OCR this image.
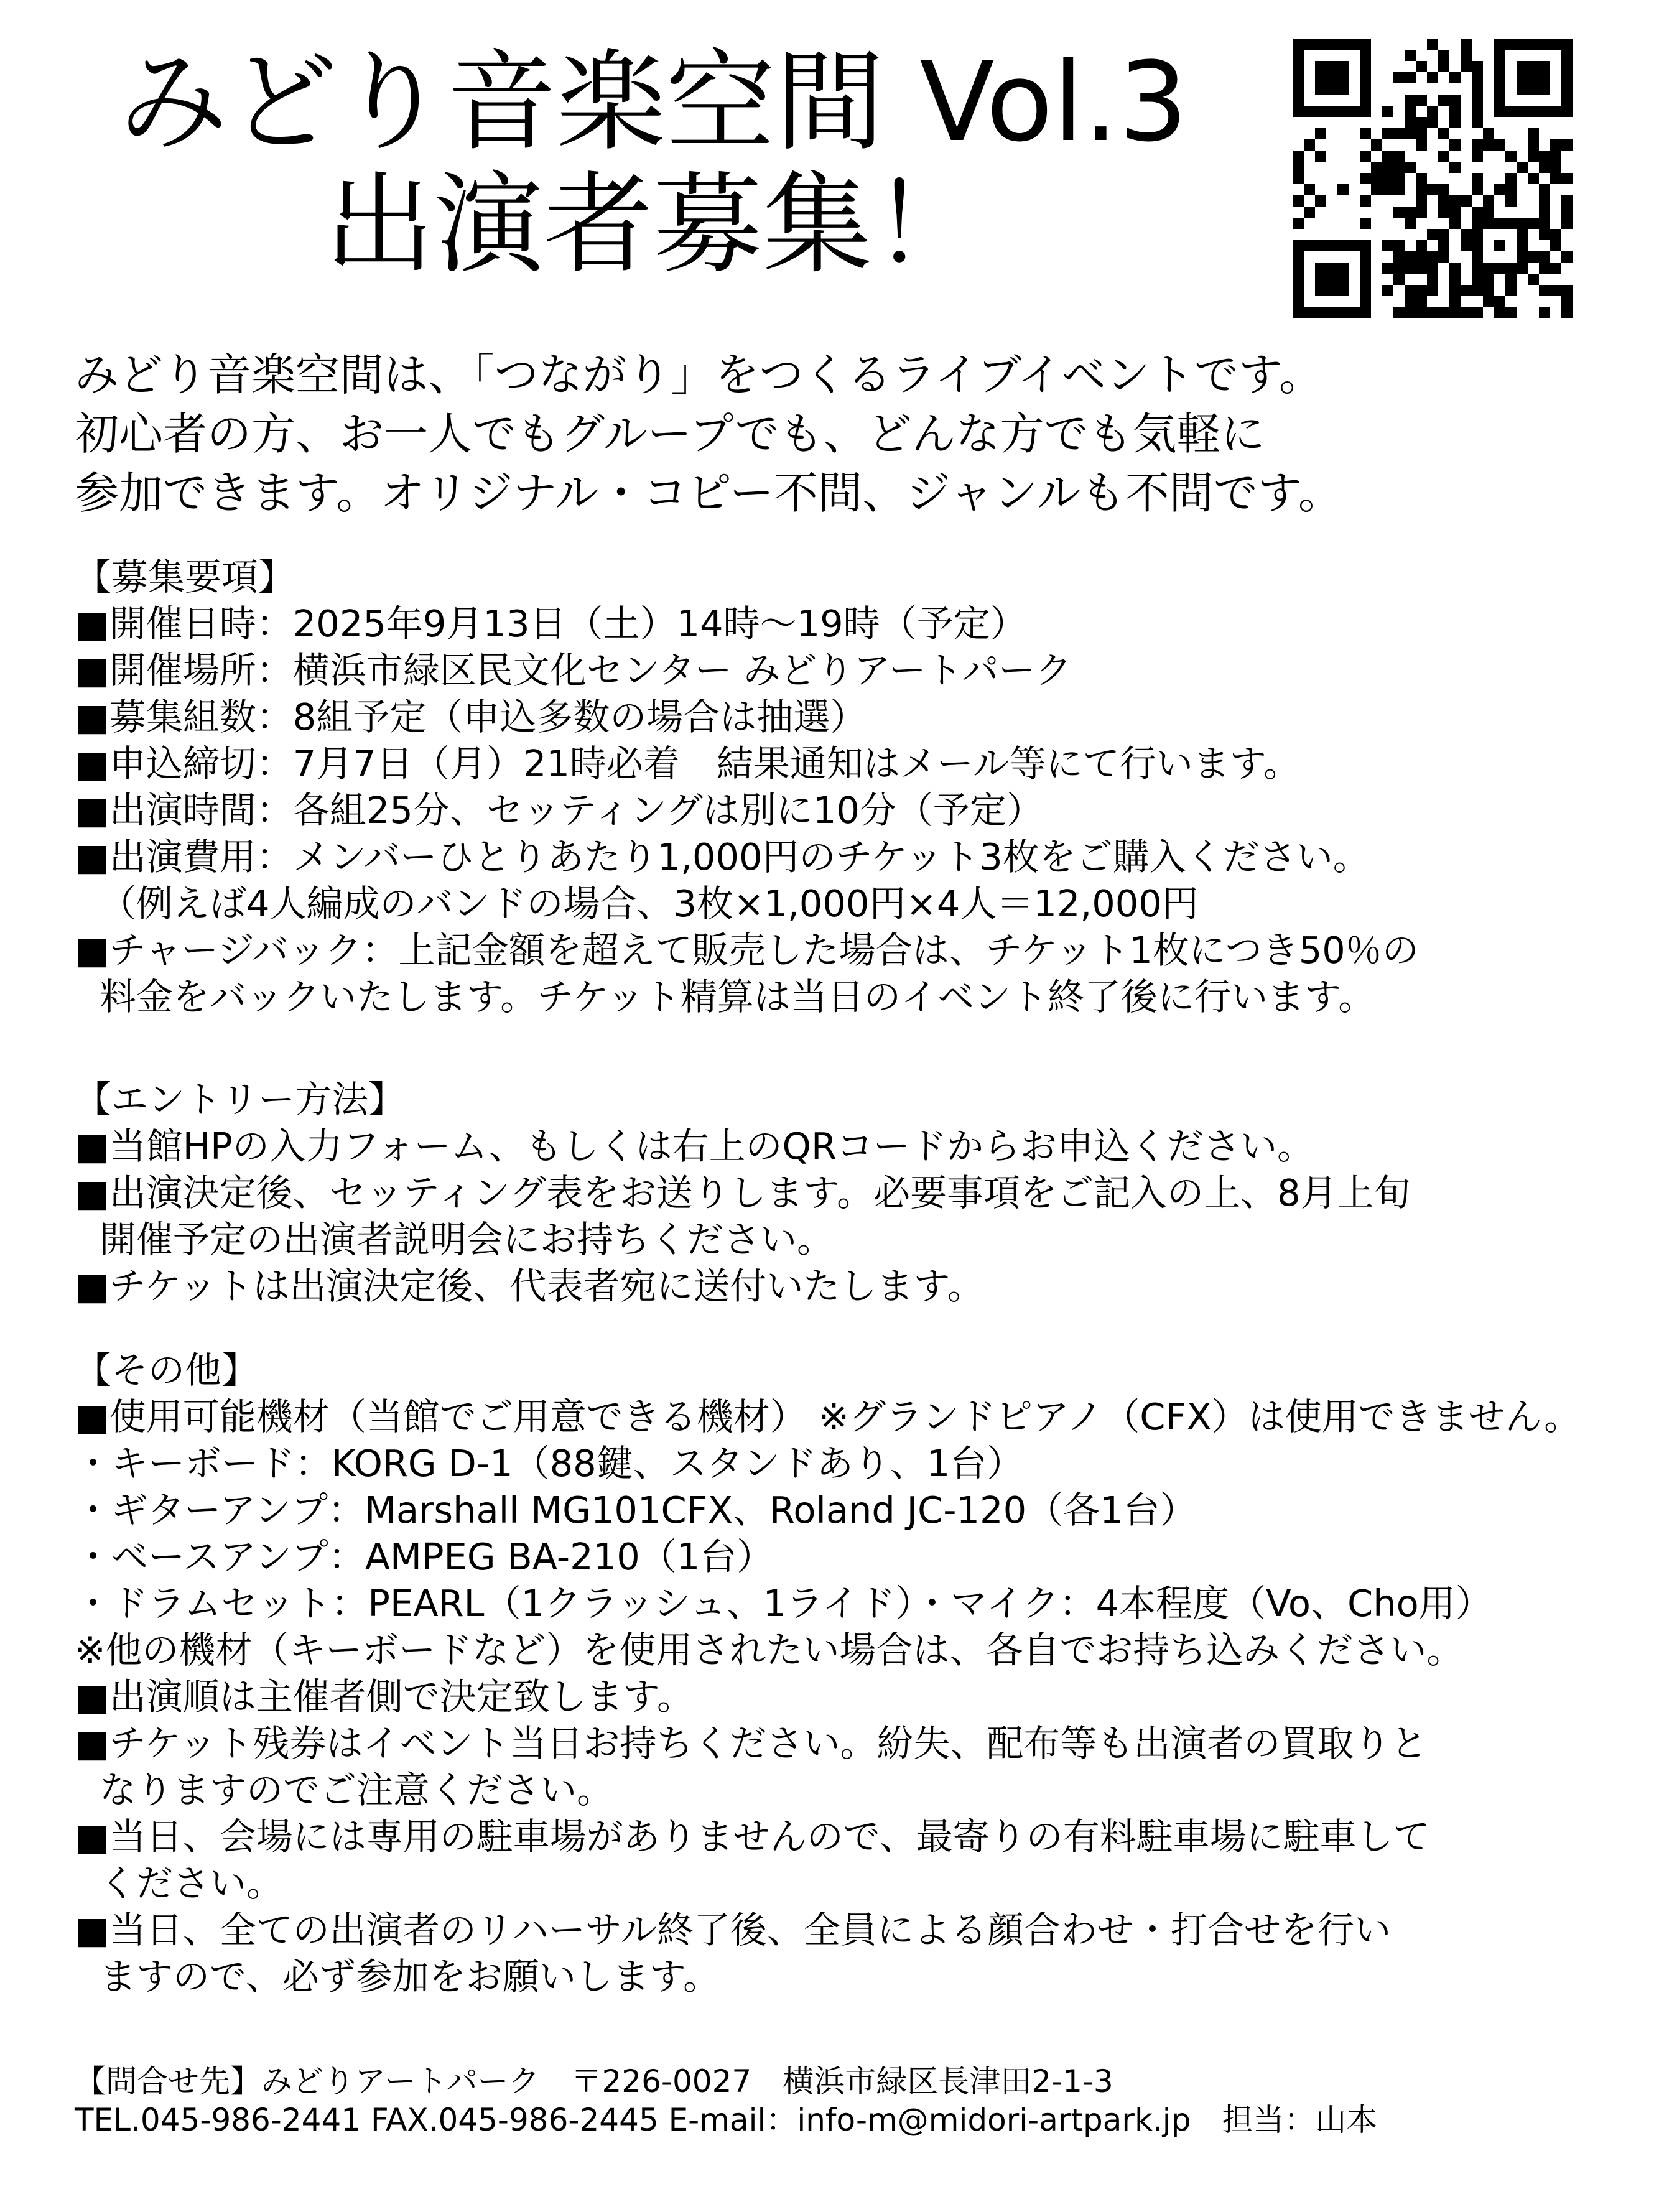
みどり音楽空間 Vol.3
出演者募集！
みどり音楽空間は、「つながり」をつくるライブイベントです。
初心者の方、お一人でもグループでも、どんな方でも気軽に
参加できます。オリジナル・コピー不問、ジャンルも不問です。
【募集要項】
■開催日時：2025年9月13日（土）14時～19時（予定）
■開催場所：横浜市緑区民文化センター みどりアートパーク
■募集組数：8組予定（申込多数の場合は抽選）
■申込締切：7月7日（月）21時必着　結果通知はメール等にて行います。
■出演時間：各組25分、セッティングは別に10分（予定）
■出演費用：メンバーひとりあたり1,000円のチケット3枚をご購入ください。
（例えば4人編成のバンドの場合、3枚×1,000円×4人＝12,000円
■チャージバック：上記金額を超えて販売した場合は、チケット1枚につき50％の
料金をバックいたします。チケット精算は当日のイベント終了後に行います。
【エントリー方法】
■当館HPの入力フォーム、もしくは右上のQRコードからお申込ください。
■出演決定後、セッティング表をお送りします。必要事項をご記入の上、8月上旬
開催予定の出演者説明会にお持ちください。
■チケットは出演決定後、代表者宛に送付いたします。
【その他】
■使用可能機材（当館でご用意できる機材） ※グランドピアノ（CFX）は使用できません。
・キーボード：KORG D-1（88鍵、スタンドあり、1台）
・ギターアンプ：Marshall MG101CFX、Roland JC-120（各1台）
・ベースアンプ：AMPEG BA-210（1台）
・ドラムセット：PEARL（1クラッシュ、1ライド）・マイク：4本程度（Vo、Cho用）
※他の機材（キーボードなど）を使用されたい場合は、各自でお持ち込みください。
■出演順は主催者側で決定致します。
■チケット残券はイベント当日お持ちください。紛失、配布等も出演者の買取りと
なりますのでご注意ください。
■当日、会場には専用の駐車場がありませんので、最寄りの有料駐車場に駐車して
ください。
■当日、全ての出演者のリハーサル終了後、全員による顔合わせ・打合せを行い
ますので、必ず参加をお願いします。
【問合せ先】みどりアートパーク　〒226-0027　横浜市緑区長津田2-1-3
TEL.045-986-2441 FAX.045-986-2445 E-mail：info-m@midori-artpark.jp　担当：山本
